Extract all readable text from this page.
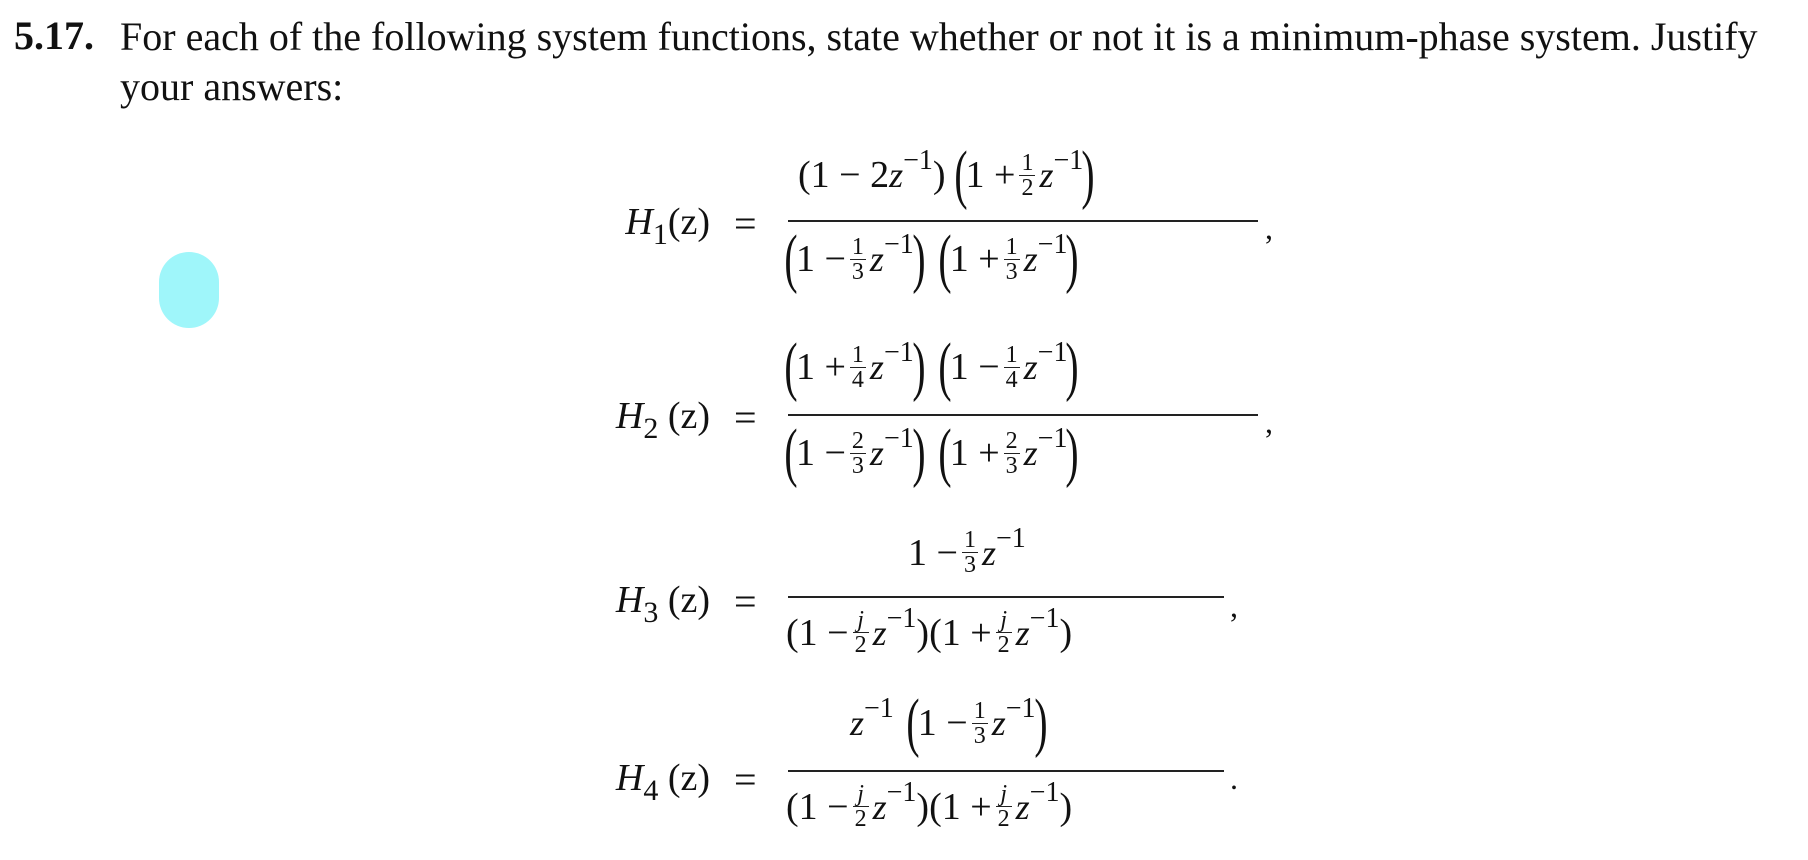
5.17. For each of the following system functions, state whether or not it is a minimum-phase system. Justify your answers:
$H_1(z)$ =
(1 − 2 z −1 ) (
$1 + \frac{1}{2}$ z −1
)
(
$1 - \frac{1}{3}$ z −1
) (
$1 + \frac{1}{3}$ z −1
)	,
$H_2$ (z) =
(
$1 + \frac{1}{4}$ z −1
) (
$1 - \frac{1}{4}$ z −1
)
(
$1 - \frac{2}{3}$ z −1
) (
$1 + \frac{2}{3}$ z −1
)	,
$H_3$ (z) =
$1 - \frac{1}{3}$ z −1
( $1 - \frac{j}{2}$ z −1 ) ( $1 + \frac{j}{2}$ z −1 )
,
$H_4$ (z) =
z −1 (
$1 - \frac{1}{3}$ z −1
)
( $1 - \frac{j}{2}$ z −1 ) ( $1 + \frac{j}{2}$ z −1 )
.
